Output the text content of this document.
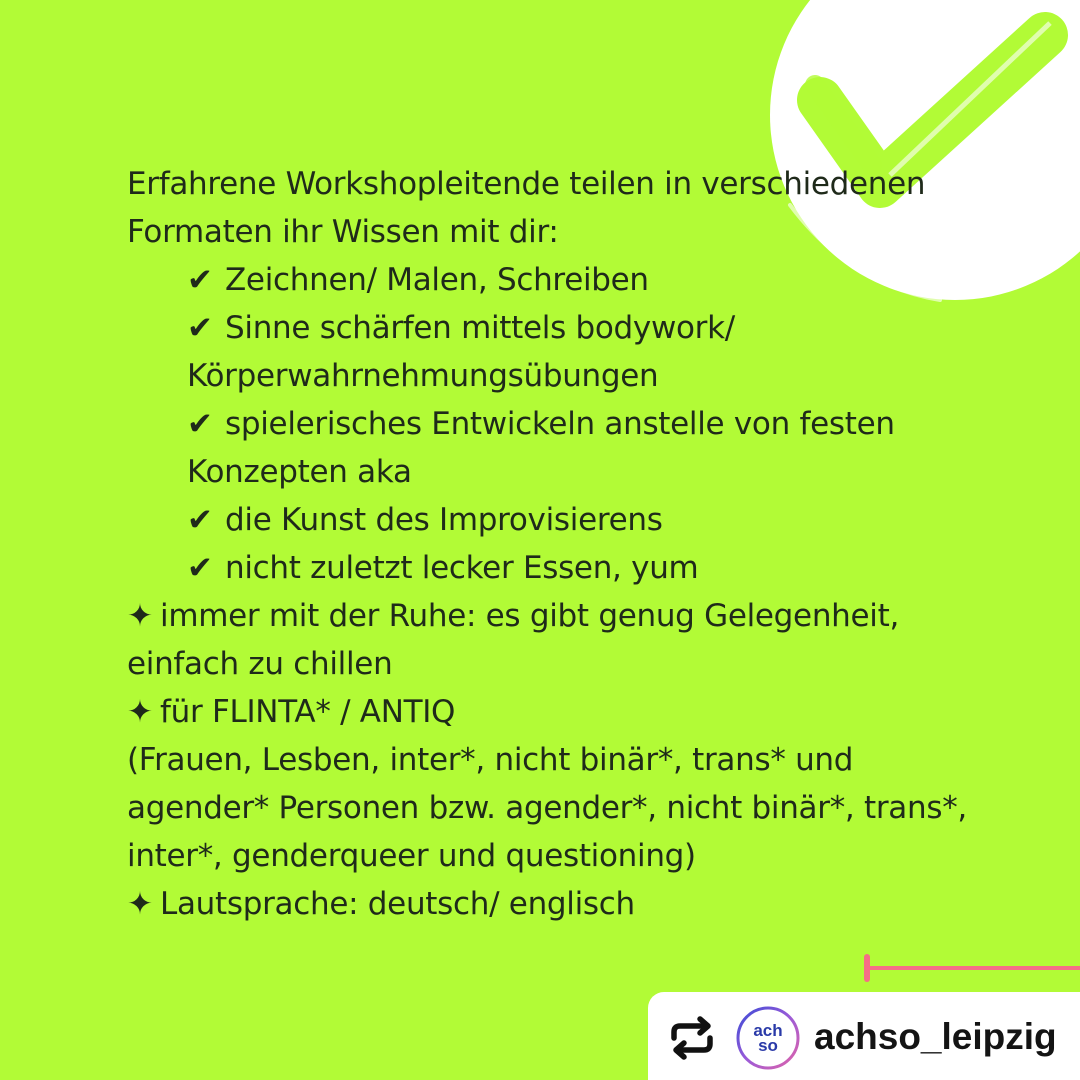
Erfahrene Workshopleitende teilen in verschiedenen Formaten ihr Wissen mit dir:

✔ Zeichnen/ Malen, Schreiben

✔ Sinne schärfen mittels bodywork/ Körperwahrnehmungsübungen

✔ spielerisches Entwickeln anstelle von festen Konzepten aka

✔ die Kunst des Improvisierens

✔ nicht zuletzt lecker Essen, yum

✦ immer mit der Ruhe: es gibt genug Gelegenheit, einfach zu chillen

✦ für FLINTA* / ANTIQ

(Frauen, Lesben, inter*, nicht binär*, trans* und agender* Personen bzw. agender*, nicht binär*, trans*, inter*, genderqueer und questioning)

✦ Lautsprache: deutsch/ englisch

ach
so achso_leipzig
